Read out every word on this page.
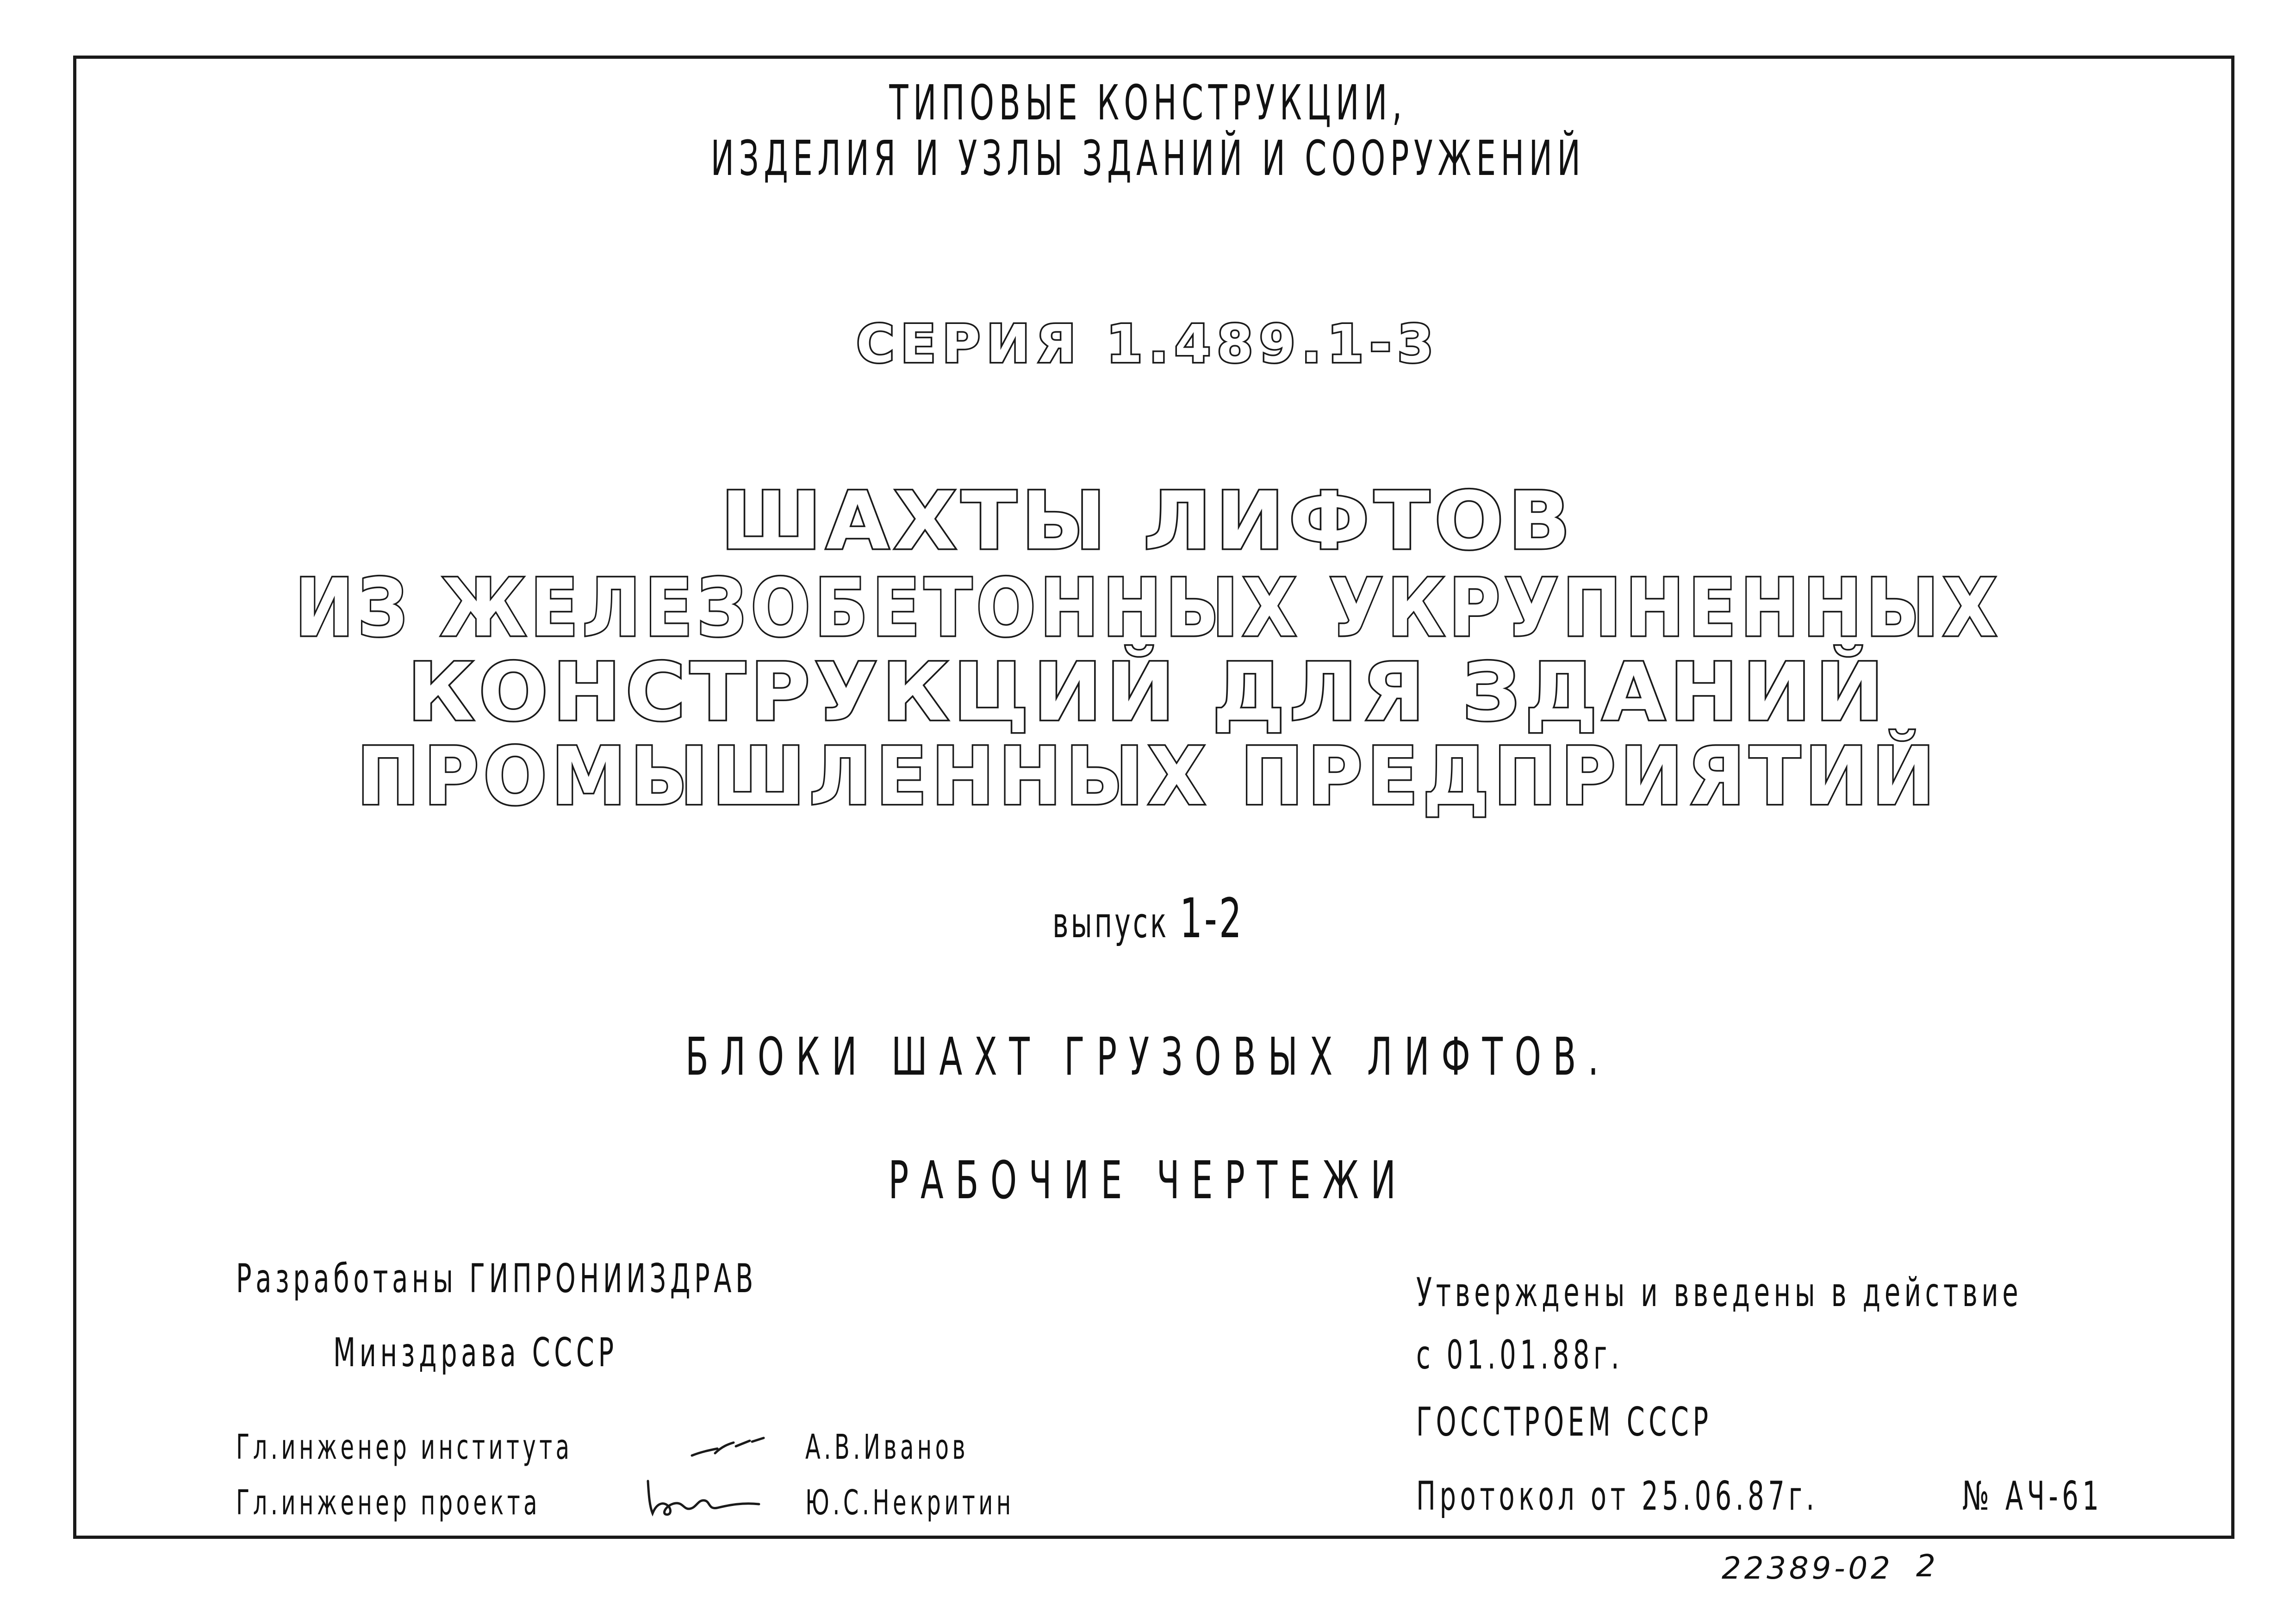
ТИПОВЫЕ КОНСТРУКЦИИ,
ИЗДЕЛИЯ И УЗЛЫ ЗДАНИЙ И СООРУЖЕНИЙ
СЕРИЯ 1.489.1-3
ШАХТЫ ЛИФТОВ
ИЗ ЖЕЛЕЗОБЕТОННЫХ УКРУПНЕННЫХ
КОНСТРУКЦИЙ ДЛЯ ЗДАНИЙ
ПРОМЫШЛЕННЫХ ПРЕДПРИЯТИЙ
выпуск 1-2
БЛОКИ ШАХТ ГРУЗОВЫХ ЛИФТОВ.
РАБОЧИЕ ЧЕРТЕЖИ
Разработаны ГИПРОНИИЗДРАВ
Минздрава СССР
Гл.инженер института	А.В.Иванов
Гл.инженер проекта	Ю.С.Некритин
Утверждены и введены в действие
с 01.01.88г.
ГОССТРОЕМ СССР
Протокол от 25.06.87г.	№ АЧ-61
22389-02 2
